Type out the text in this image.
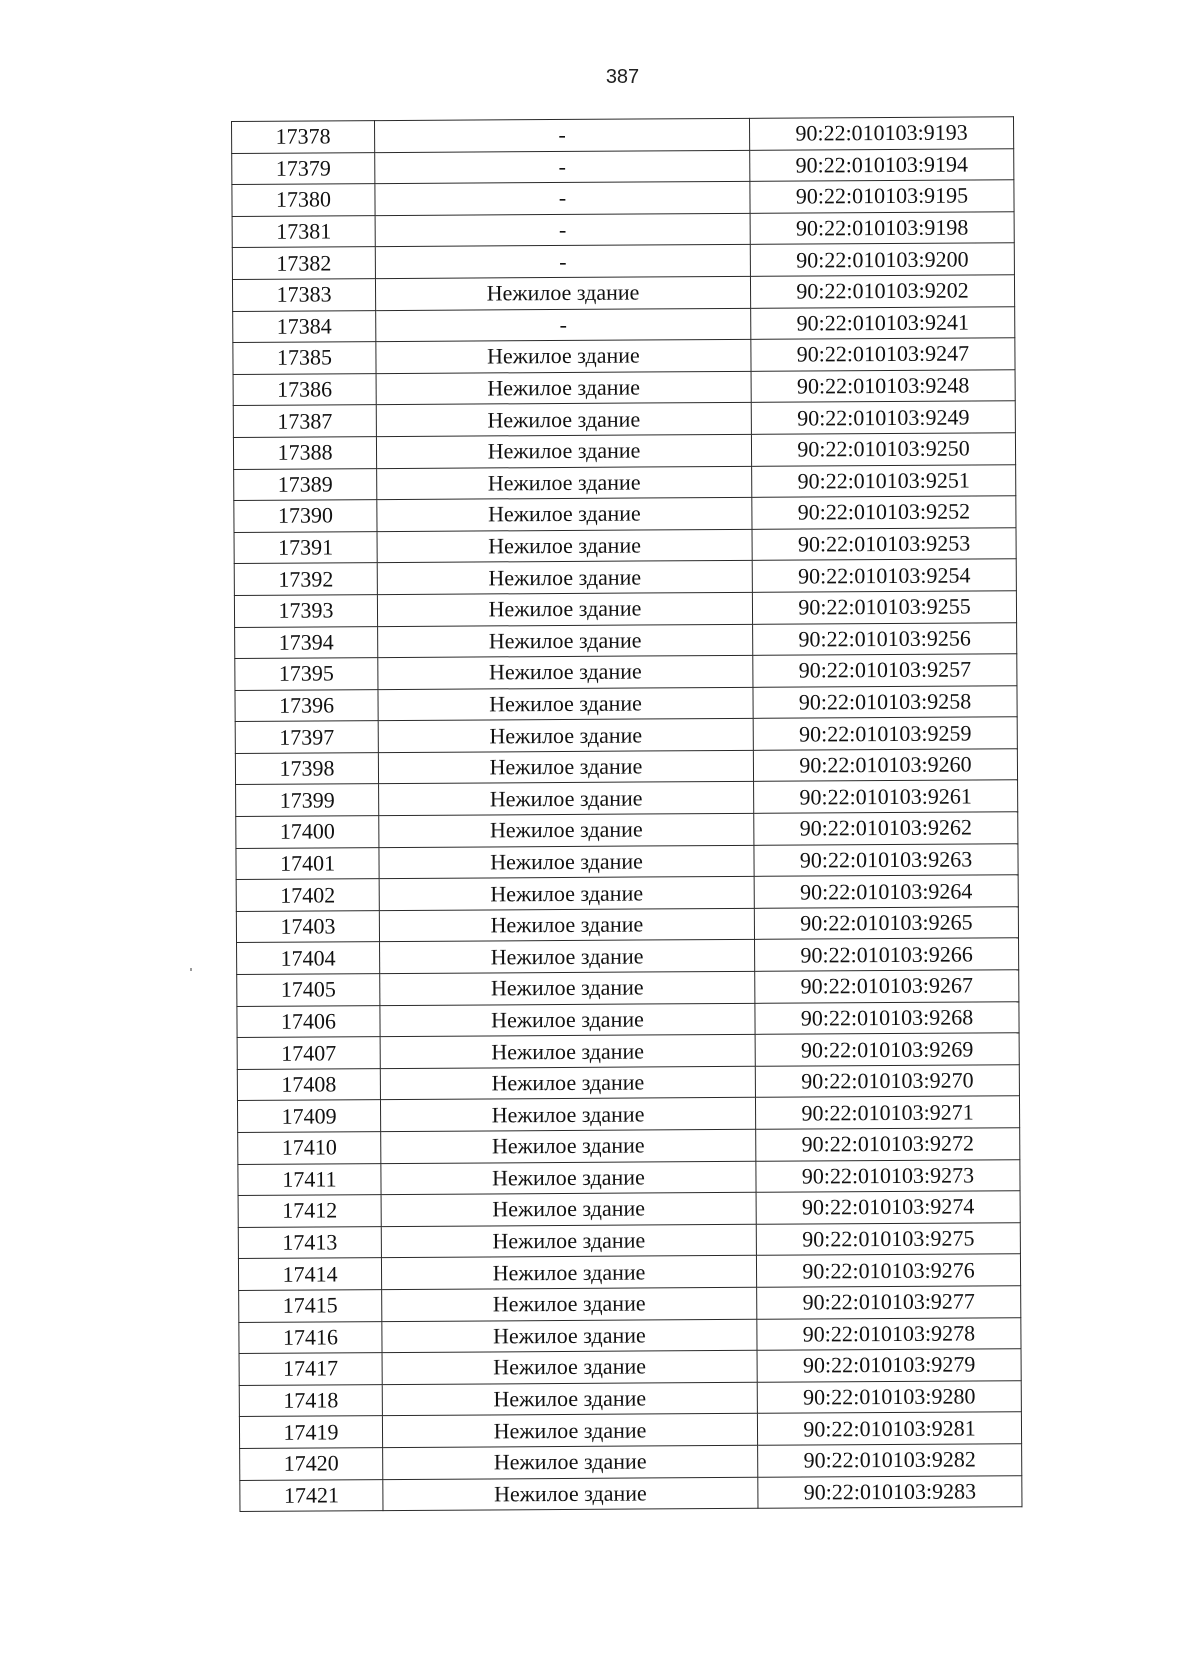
387
17378	-	90:22:010103:9193
17379	-	90:22:010103:9194
17380	-	90:22:010103:9195
17381	-	90:22:010103:9198
17382	-	90:22:010103:9200
17383	Нежилое здание	90:22:010103:9202
17384	-	90:22:010103:9241
17385	Нежилое здание	90:22:010103:9247
17386	Нежилое здание	90:22:010103:9248
17387	Нежилое здание	90:22:010103:9249
17388	Нежилое здание	90:22:010103:9250
17389	Нежилое здание	90:22:010103:9251
17390	Нежилое здание	90:22:010103:9252
17391	Нежилое здание	90:22:010103:9253
17392	Нежилое здание	90:22:010103:9254
17393	Нежилое здание	90:22:010103:9255
17394	Нежилое здание	90:22:010103:9256
17395	Нежилое здание	90:22:010103:9257
17396	Нежилое здание	90:22:010103:9258
17397	Нежилое здание	90:22:010103:9259
17398	Нежилое здание	90:22:010103:9260
17399	Нежилое здание	90:22:010103:9261
17400	Нежилое здание	90:22:010103:9262
17401	Нежилое здание	90:22:010103:9263
17402	Нежилое здание	90:22:010103:9264
17403	Нежилое здание	90:22:010103:9265
17404	Нежилое здание	90:22:010103:9266
17405	Нежилое здание	90:22:010103:9267
17406	Нежилое здание	90:22:010103:9268
17407	Нежилое здание	90:22:010103:9269
17408	Нежилое здание	90:22:010103:9270
17409	Нежилое здание	90:22:010103:9271
17410	Нежилое здание	90:22:010103:9272
17411	Нежилое здание	90:22:010103:9273
17412	Нежилое здание	90:22:010103:9274
17413	Нежилое здание	90:22:010103:9275
17414	Нежилое здание	90:22:010103:9276
17415	Нежилое здание	90:22:010103:9277
17416	Нежилое здание	90:22:010103:9278
17417	Нежилое здание	90:22:010103:9279
17418	Нежилое здание	90:22:010103:9280
17419	Нежилое здание	90:22:010103:9281
17420	Нежилое здание	90:22:010103:9282
17421	Нежилое здание	90:22:010103:9283
